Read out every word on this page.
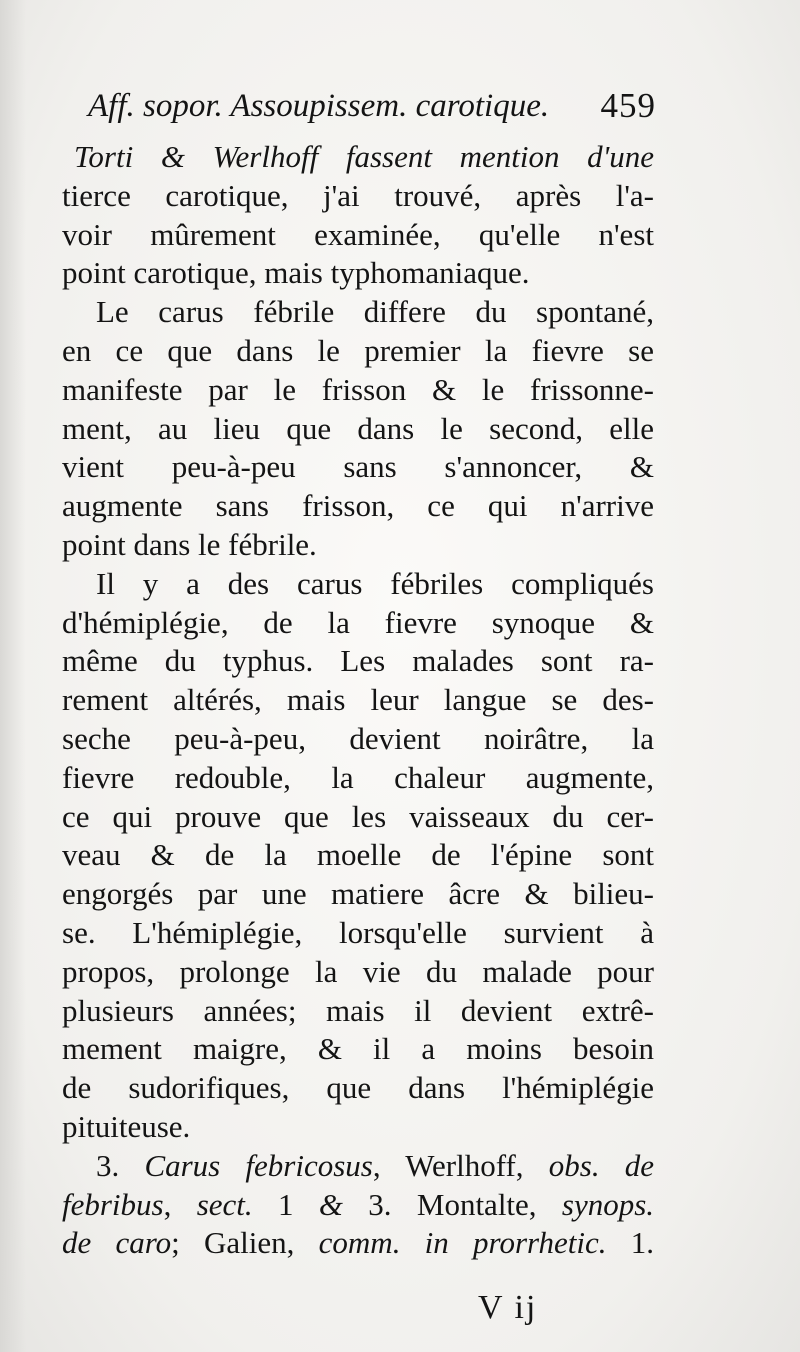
Aff. sopor. Assoupissem. carotique. 459
Torti & Werlhoff fassent mention d'une
tierce carotique, j'ai trouvé, après l'a-
voir mûrement examinée, qu'elle n'est
point carotique, mais typhomaniaque.
Le carus fébrile differe du spontané,
en ce que dans le premier la fievre se
manifeste par le frisson & le frissonne-
ment, au lieu que dans le second, elle
vient peu-à-peu sans s'annoncer, &
augmente sans frisson, ce qui n'arrive
point dans le fébrile.
Il y a des carus fébriles compliqués
d'hémiplégie, de la fievre synoque &
même du typhus. Les malades sont ra-
rement altérés, mais leur langue se des-
seche peu-à-peu, devient noirâtre, la
fievre redouble, la chaleur augmente,
ce qui prouve que les vaisseaux du cer-
veau & de la moelle de l'épine sont
engorgés par une matiere âcre & bilieu-
se. L'hémiplégie, lorsqu'elle survient à
propos, prolonge la vie du malade pour
plusieurs années; mais il devient extrê-
mement maigre, & il a moins besoin
de sudorifiques, que dans l'hémiplégie
pituiteuse.
3. Carus febricosus, Werlhoff, obs. de
febribus, sect. 1 & 3. Montalte, synops.
de caro; Galien, comm. in prorrhetic. 1.
V ij
